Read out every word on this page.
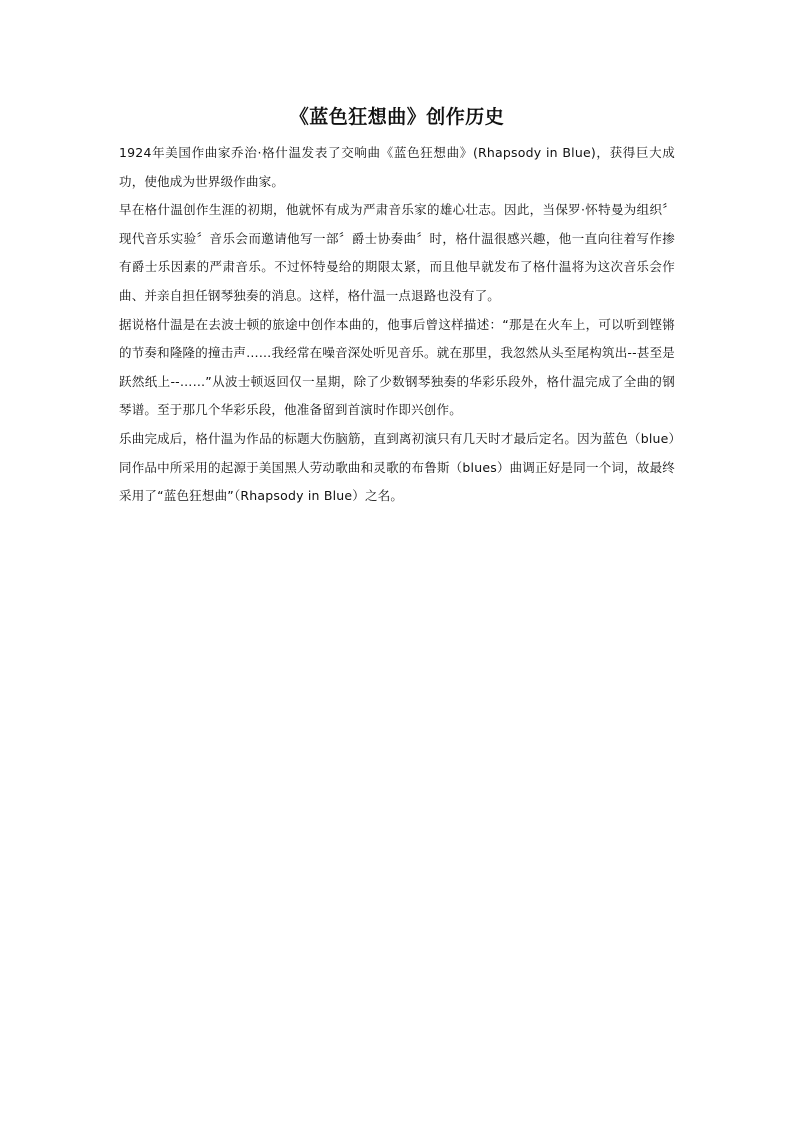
《蓝色狂想曲》创作历史

1924年美国作曲家乔治·格什温发表了交响曲《蓝色狂想曲》(Rhapsody in Blue)，获得巨大成功，使他成为世界级作曲家。

早在格什温创作生涯的初期，他就怀有成为严肃音乐家的雄心壮志。因此，当保罗·怀特曼为组织〞现代音乐实验〞音乐会而邀请他写一部〞爵士协奏曲〞时，格什温很感兴趣，他一直向往着写作掺有爵士乐因素的严肃音乐。不过怀特曼给的期限太紧，而且他早就发布了格什温将为这次音乐会作曲、并亲自担任钢琴独奏的消息。这样，格什温一点退路也没有了。

据说格什温是在去波士顿的旅途中创作本曲的，他事后曾这样描述：“那是在火车上，可以听到铿锵的节奏和隆隆的撞击声……我经常在噪音深处听见音乐。就在那里，我忽然从头至尾构筑出--甚至是跃然纸上--……”从波士顿返回仅一星期，除了少数钢琴独奏的华彩乐段外，格什温完成了全曲的钢琴谱。至于那几个华彩乐段，他准备留到首演时作即兴创作。

乐曲完成后，格什温为作品的标题大伤脑筋，直到离初演只有几天时才最后定名。因为蓝色（blue）同作品中所采用的起源于美国黑人劳动歌曲和灵歌的布鲁斯（blues）曲调正好是同一个词，故最终采用了“蓝色狂想曲”（Rhapsody in Blue）之名。
